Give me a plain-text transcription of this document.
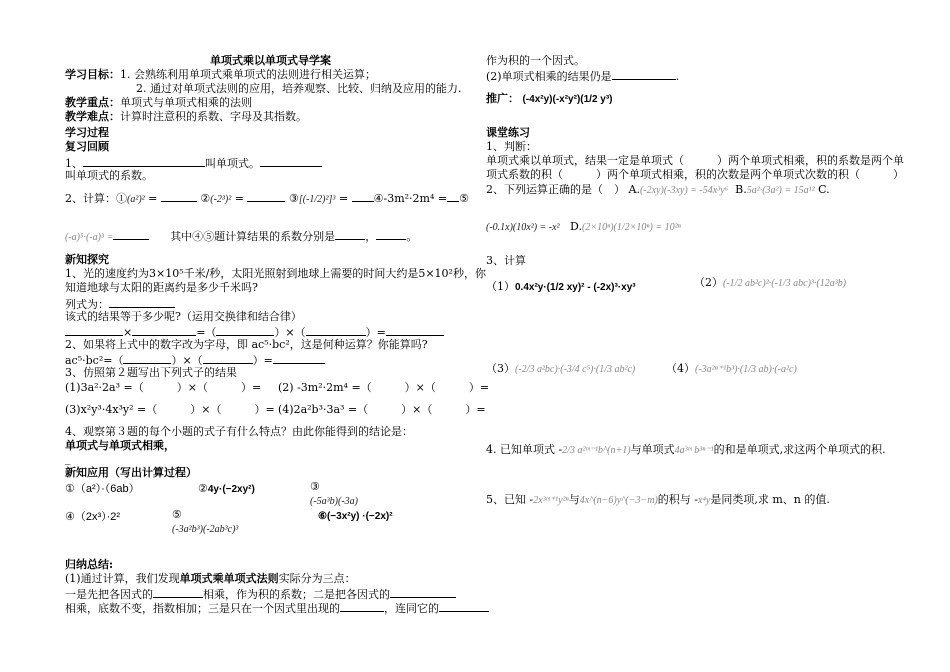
单项式乘以单项式导学案
学习目标：1. 会熟练利用单项式乘单项式的法则进行相关运算；
2. 通过对单项式法则的应用，培养观察、比较、归纳及应用的能力.
教学重点：单项式与单项式相乘的法则
教学难点：计算时注意积的系数、字母及其指数。
学习过程
复习回顾
1、	叫单项式。
叫单项式的系数。
2、计算：①(a²)² =	②(-2³)² =	③[(-1/2)²]³ = ④-3m²·2m⁴ = ⑤
(-a)⁵·(-a)³ =	其中④⑤题计算结果的系数分别是	，	。
新知探究
1、光的速度约为3×10⁵千米/秒，太阳光照射到地球上需要的时间大约是5×10²秒，你
知道地球与太阳的距离约是多少千米吗?
列式为：
该式的结果等于多少呢?（运用交换律和结合律）
×	=（	）×（	）=
2、如果将上式中的数字改为字母，即 ac⁵·bc²，这是何种运算？你能算吗?
ac⁵·bc²=（	）×（	）=
3、仿照第２题写出下列式子的结果
(1)3a²·2a³ =（　　　）×（　　　）= (2) -3m²·2m⁴ =（　　　）×（　　　）=
(3)x²y³·4x³y² =（　　　）×（　　　）= (4)2a²b³·3a³ =（　　　）×（　　　）=
4、观察第３题的每个小题的式子有什么特点？由此你能得到的结论是：
单项式与单项式相乘，
_
新知应用（写出计算过程）
①（a²）·（6ab）	②4y·(−2xy²)	③
(-5a³b)(-3a)
④（2x³）·2²	⑤
(-3a²b³)(-2ab³c)³
⑥(−3x²y) ·(−2x)²
归纳总结:
(1)通过计算，我们发现单项式乘单项式法则实际分为三点：
一是先把各因式的	相乘，作为积的系数；二是把各因式的
相乘，底数不变，指数相加；三是只在一个因式里出现的	，连同它的
作为积的一个因式。
(2)单项式相乘的结果仍是	.
推广： (-4x²y)(-x²y²)(1/2 y³)
课堂练习
1、判断：
单项式乘以单项式，结果一定是单项式（　　　）两个单项式相乘，积的系数是两个单
项式系数的积（　　　）两个单项式相乘，积的次数是两个单项式次数的积（　　　）
2、下列运算正确的是（　） A.(-2xy)(-3xy) = -54x³y⁶ B.5a²·(3a²) = 15a¹² C.
(-0.1x)(10x²) = -x² D.(2×10ⁿ)(1/2×10ⁿ) = 10²ⁿ
3、计算
（1）0.4x²y·(1/2 xy)² - (-2x)³·xy³	（2）(-1/2 ab²c)²·(-1/3 abc)³·(12a³b)
（3）(-2/3 a²bc)·(-3/4 c⁵)·(1/3 ab²c)	（4）(-3a²ⁿ⁺¹b³)·(1/3 ab)·(-a²c)
4. 已知单项式 -2/3 a²ᵐ⁻¹b^(n+1)与单项式4a³ᵐ b³ⁿ⁻¹的和是单项式,求这两个单项式的积.
5、已知 -2x³ᵐ⁺¹y²ⁿ与4x^(n−6)y^(−3−m)的积与 -x⁴y是同类项,求 m、n 的值.
